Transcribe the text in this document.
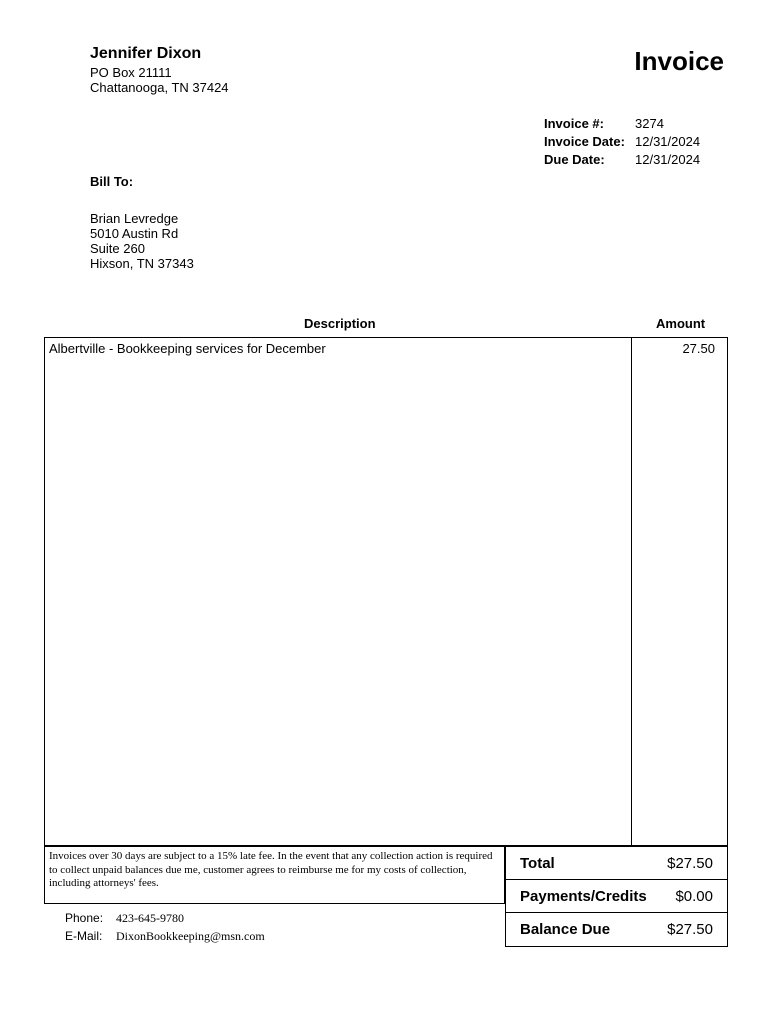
Jennifer Dixon
PO Box 21111
Chattanooga, TN 37424
Invoice
Invoice #:	3274
Invoice Date: 12/31/2024
Due Date:	12/31/2024
Bill To:
Brian Levredge
5010 Austin Rd
Suite 260
Hixson, TN 37343
Description	Amount
Albertville - Bookkeeping services for December	27.50
Invoices over 30 days are subject to a 15% late fee. In the event that any collection action is required to collect unpaid balances due me, customer agrees to reimburse me for my costs of collection, including attorneys' fees.
Total	$27.50
Payments/Credits $0.00
Balance Due	$27.50
Phone:	423-645-9780
E-Mail:	DixonBookkeeping@msn.com
